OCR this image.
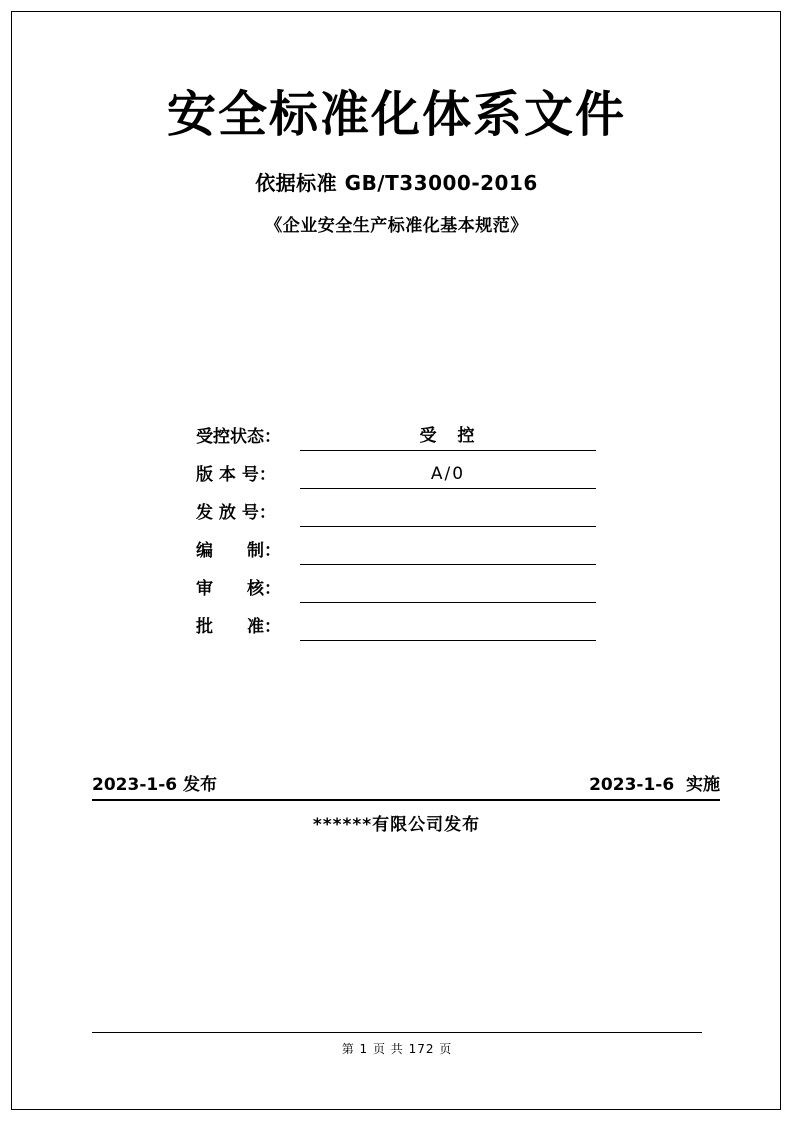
安全标准化体系文件
依据标准 GB/T33000-2016
《企业安全生产标准化基本规范》
受控状态：	受　控
版 本 号：	A/0
发 放 号：
编　　制：
审　　核：
批　　准：
2023-1-6 发布	2023-1-6  实施
******有限公司发布
第 1 页 共 172 页
